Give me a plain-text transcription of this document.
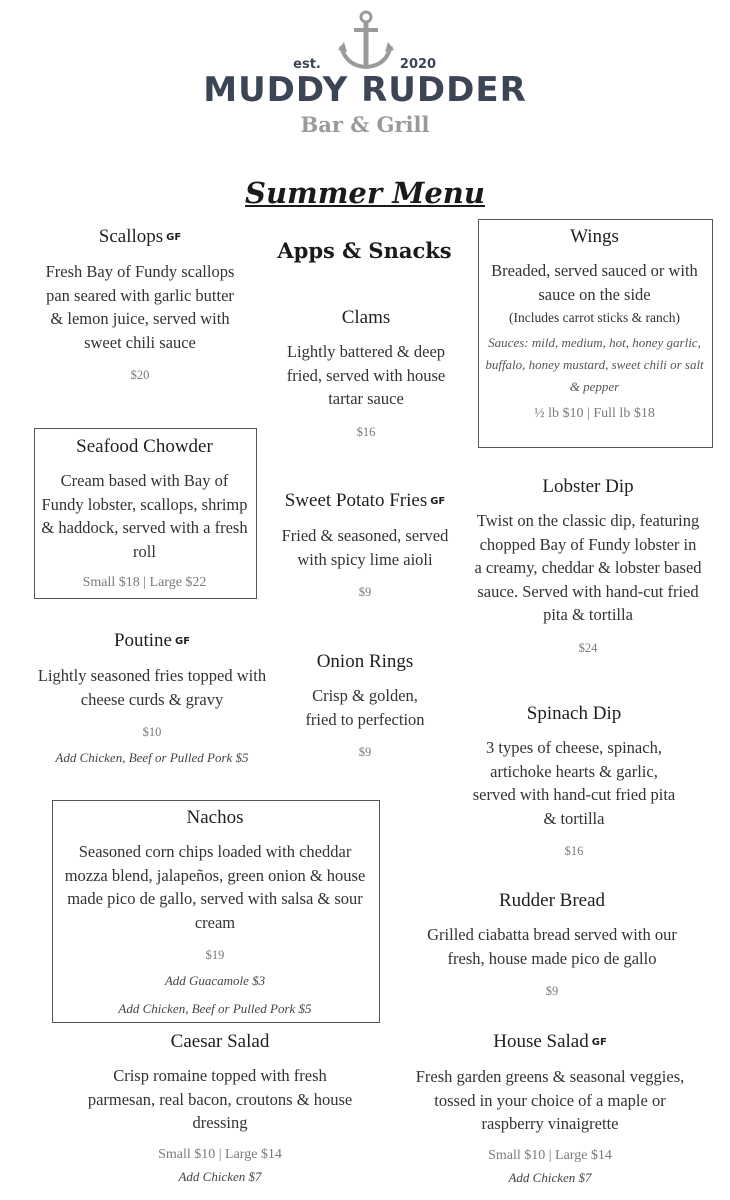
est.	2020
MUDDY RUDDER
Bar & Grill
Summer Menu
Apps & Snacks
Scallops GF
Fresh Bay of Fundy scallops pan seared with garlic butter & lemon juice, served with sweet chili sauce
$20
Clams
Lightly battered & deep fried, served with house tartar sauce
$16
Wings
Breaded, served sauced or with sauce on the side
(Includes carrot sticks & ranch)
Sauces: mild, medium, hot, honey garlic, buffalo, honey mustard, sweet chili or salt & pepper
½ lb $10 | Full lb $18
Seafood Chowder
Cream based with Bay of Fundy lobster, scallops, shrimp & haddock, served with a fresh roll
Small $18 | Large $22
Sweet Potato Fries GF
Fried & seasoned, served with spicy lime aioli
$9
Lobster Dip
Twist on the classic dip, featuring chopped Bay of Fundy lobster in a creamy, cheddar & lobster based sauce. Served with hand-cut fried pita & tortilla
$24
Poutine GF
Lightly seasoned fries topped with cheese curds & gravy
$10
Add Chicken, Beef or Pulled Pork $5
Onion Rings
Crisp & golden, fried to perfection
$9
Spinach Dip
3 types of cheese, spinach, artichoke hearts & garlic, served with hand-cut fried pita & tortilla
$16
Nachos
Seasoned corn chips loaded with cheddar mozza blend, jalapeños, green onion & house made pico de gallo, served with salsa & sour cream
$19
Add Guacamole $3
Add Chicken, Beef or Pulled Pork $5
Rudder Bread
Grilled ciabatta bread served with our fresh, house made pico de gallo
$9
Caesar Salad
Crisp romaine topped with fresh parmesan, real bacon, croutons & house dressing
Small $10 | Large $14
Add Chicken $7
House Salad GF
Fresh garden greens & seasonal veggies, tossed in your choice of a maple or raspberry vinaigrette
Small $10 | Large $14
Add Chicken $7
